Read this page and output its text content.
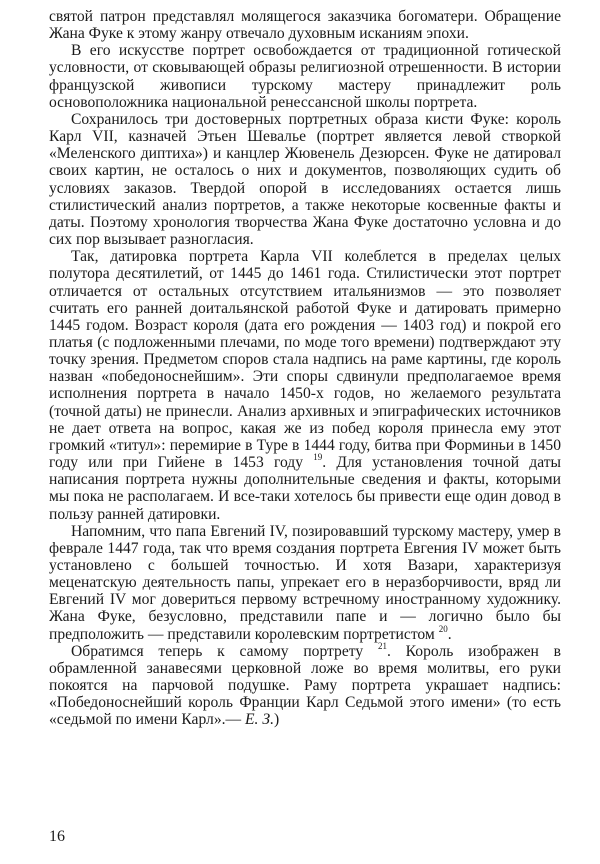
святой патрон представлял молящегося заказчика богоматери. Обращение Жана Фуке к этому жанру отвечало духовным исканиям эпохи.

В его искусстве портрет освобождается от традиционной готической условности, от сковывающей образы религиозной отрешенности. В истории французской живописи турскому мастеру принадлежит роль основоположника национальной ренессансной школы портрета.

Сохранилось три достоверных портретных образа кисти Фуке: король Карл VII, казначей Этьен Шевалье (портрет является левой створкой «Меленского диптиха») и канцлер Жювенель Дезюрсен. Фуке не датировал своих картин, не осталось о них и документов, позволяющих судить об условиях заказов. Твердой опорой в исследованиях остается лишь стилистический анализ портретов, а также некоторые косвенные факты и даты. Поэтому хронология творчества Жана Фуке достаточно условна и до сих пор вызывает разногласия.

Так, датировка портрета Карла VII колеблется в пределах целых полутора десятилетий, от 1445 до 1461 года. Стилистически этот портрет отличается от остальных отсутствием итальянизмов — это позволяет считать его ранней доитальянской работой Фуке и датировать примерно 1445 годом. Возраст короля (дата его рождения — 1403 год) и покрой его платья (с подложенными плечами, по моде того времени) подтверждают эту точку зрения. Предметом споров стала надпись на раме картины, где король назван «победоноснейшим». Эти споры сдвинули предполагаемое время исполнения портрета в начало 1450-х годов, но желаемого результата (точной даты) не принесли. Анализ архивных и эпиграфических источников не дает ответа на вопрос, какая же из побед короля принесла ему этот громкий «титул»: перемирие в Туре в 1444 году, битва при Форминьи в 1450 году или при Гийене в 1453 году $^{19}$. Для установления точной даты написания портрета нужны дополнительные сведения и факты, которыми мы пока не располагаем. И все-таки хотелось бы привести еще один довод в пользу ранней датировки.

Напомним, что папа Евгений IV, позировавший турскому мастеру, умер в феврале 1447 года, так что время создания портрета Евгения IV может быть установлено с большей точностью. И хотя Вазари, характеризуя меценатскую деятельность папы, упрекает его в неразборчивости, вряд ли Евгений IV мог довериться первому встречному иностранному художнику. Жана Фуке, безусловно, представили папе и — логично было бы предположить — представили королевским портретистом $^{20}$.

Обратимся теперь к самому портрету $^{21}$. Король изображен в обрамленной занавесями церковной ложе во время молитвы, его руки покоятся на парчовой подушке. Раму портрета украшает надпись: «Победоноснейший король Франции Карл Седьмой этого имени» (то есть «седьмой по имени Карл».— Е. З.)

16
